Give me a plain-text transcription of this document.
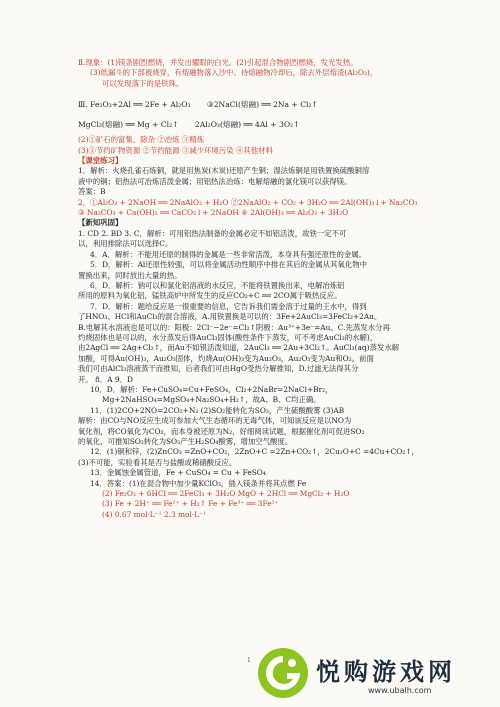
Ⅱ.现象：(1)镁条剧烈燃烧，并发出耀眼的白光。(2)引起混合物剧烈燃烧，发光发热。

(3)纸漏斗的下部被烧穿，有熔融物落入沙中。待熔融物冷却后，除去外层熔渣(Al₂O₃)，

可以发现落下的是铁珠。

Ⅲ. Fe₂O₃+2Al ══ 2Fe + Al₂O₃ ③2NaCl(熔融) ══ 2Na + Cl₂↑

MgCl₂(熔融) ══ Mg + Cl₂↑ 2Al₂O₃(熔融) ══ 4Al + 3O₂↑

(2)①矿石的富集、除杂 ②冶炼 ③精炼

(3)①节约矿物资源 ②节约能源 ③减少环境污染 ④其他材料

【课堂练习】

1．解析：火烧孔雀石炼铜，就是用焦炭(木炭)还原产生铜；湿法炼铜是用铁置换硫酸铜溶

液中的铜；铝热法可冶炼活泼金属；用铝热法冶炼：电解熔融的氯化镁可以获得镁。

答案：B

2．①Al₂O₃ + 2NaOH ══ 2NaAlO₂ + H₂O ②2NaAlO₂ + CO₂ + 3H₂O ══ 2Al(OH)₃↓+ Na₂CO₃

③ Na₂CO₃ + Ca(OH)₂ ══ CaCO₃↓+ 2NaOH ④ 2Al(OH)₃ ══ Al₂O₃ + 3H₂O

【新知巩固】

1. CD 2. BD 3. C．解析：可用铝热法制备的金属必定不如铝活泼，故铁一定不可

以，利用排除法可以选择C。

4．A．解析：不能用还原的制得的金属是一些非常活泼，本身具有强还原性的金属。

5．D．解析：Al还原性较强，可以将金属活动性顺序中排在其后的金属从其氧化物中

置换出来，同时放出大量的热。

6．D．解析：钠可以和氯化铝溶液的水反应，不能将铁置换出来，电解冶炼铝

所用的原料为氧化铝，锰铁高炉中所发生的反应CO₂+C ══ 2CO属于吸热反应。

7．D．解析：题给反应是一很重要的信息，它告诉我们需金溶于过量的王水中，得到

了HNO₃、HCl和AuCl₃的混合溶液，A.用铁置换是可以的：3Fe+2AuCl₃=3FeCl₂+2Au。

B.电解其水溶液也是可以的：阳极：2Cl⁻−2e⁻=Cl₂↑阴极：Au³⁺+3e⁻=Au。C.先蒸发水分再

灼烧固体也是可以的，水分蒸发后得AuCl₃固体(酸性条件下蒸发，可不考虑AuCl₃的水解)，

由2AgCl ══ 2Ag+Cl₂↑，而Au不如银活泼知道，2AuCl₃ ══ 2Au+3Cl₂↑。AuCl₃(aq)蒸发水解

加酸，可得Au(OH)₃，Au₂O₃固体，灼烧Au(OH)₃变为Au₂O₃，Au₂O₃变为Au和O₂。前面

我们可由AlCl₃溶液蒸干而推知，后者我们可由HgO受热分解推知，D.过滤无法得其分

开。 8．A 9．D

10．D．解析：Fe+CuSO₄=Cu+FeSO₄，Cl₂+2NaBr=2NaCl+Br₂，

Mg+2NaHSO₄=MgSO₄+Na₂SO₄+H₂↑，故A、B、C均正确。

11．(1)2CO+2NO=2CO₂+N₂ (2)SO₂能转化为SO₃，产生硫酸酸雾 (3)AB

解析：由CO与NO反应生成可参加大气生态循环的无毒气体，可知该反应是以NO为

氧化剂，将CO氧化为CO₂，而本身被还原为N₂，好细阅读试题，根据催化剂可促进SO₂

的氧化，可推知SO₂转化为SO₃产生H₂SO₄酸雾，增加空气酸度。

12．(1)铜和锌，(2)ZnCO₃ =ZnO+CO₂，2ZnO+C =2Zn+CO₂↑，2Cu₂O+C =4Cu+CO₂↑，

(3)不可能，实验看其是否与盐酸或稀硝酸反应。

13．金属蚀金属管道，Fe + CuSO₄ = Cu + FeSO₄

14．答案：(1)在混合物中加少量KClO₃，插入镁条并将其点燃 Fe

(2) Fe₂O₃ + 6HCl ══ 2FeCl₃ + 3H₂O MgO + 2HCl ══ MgCl₂ + H₂O

(3) Fe + 2H⁺ ══ Fe²⁺ + H₂↑ Fe + Fe³⁺ ══ 3Fe²⁺

(4) 0.67 mol·L⁻¹ 2.3 mol·L⁻¹

1	悦购游戏网
www.ubalh.com
